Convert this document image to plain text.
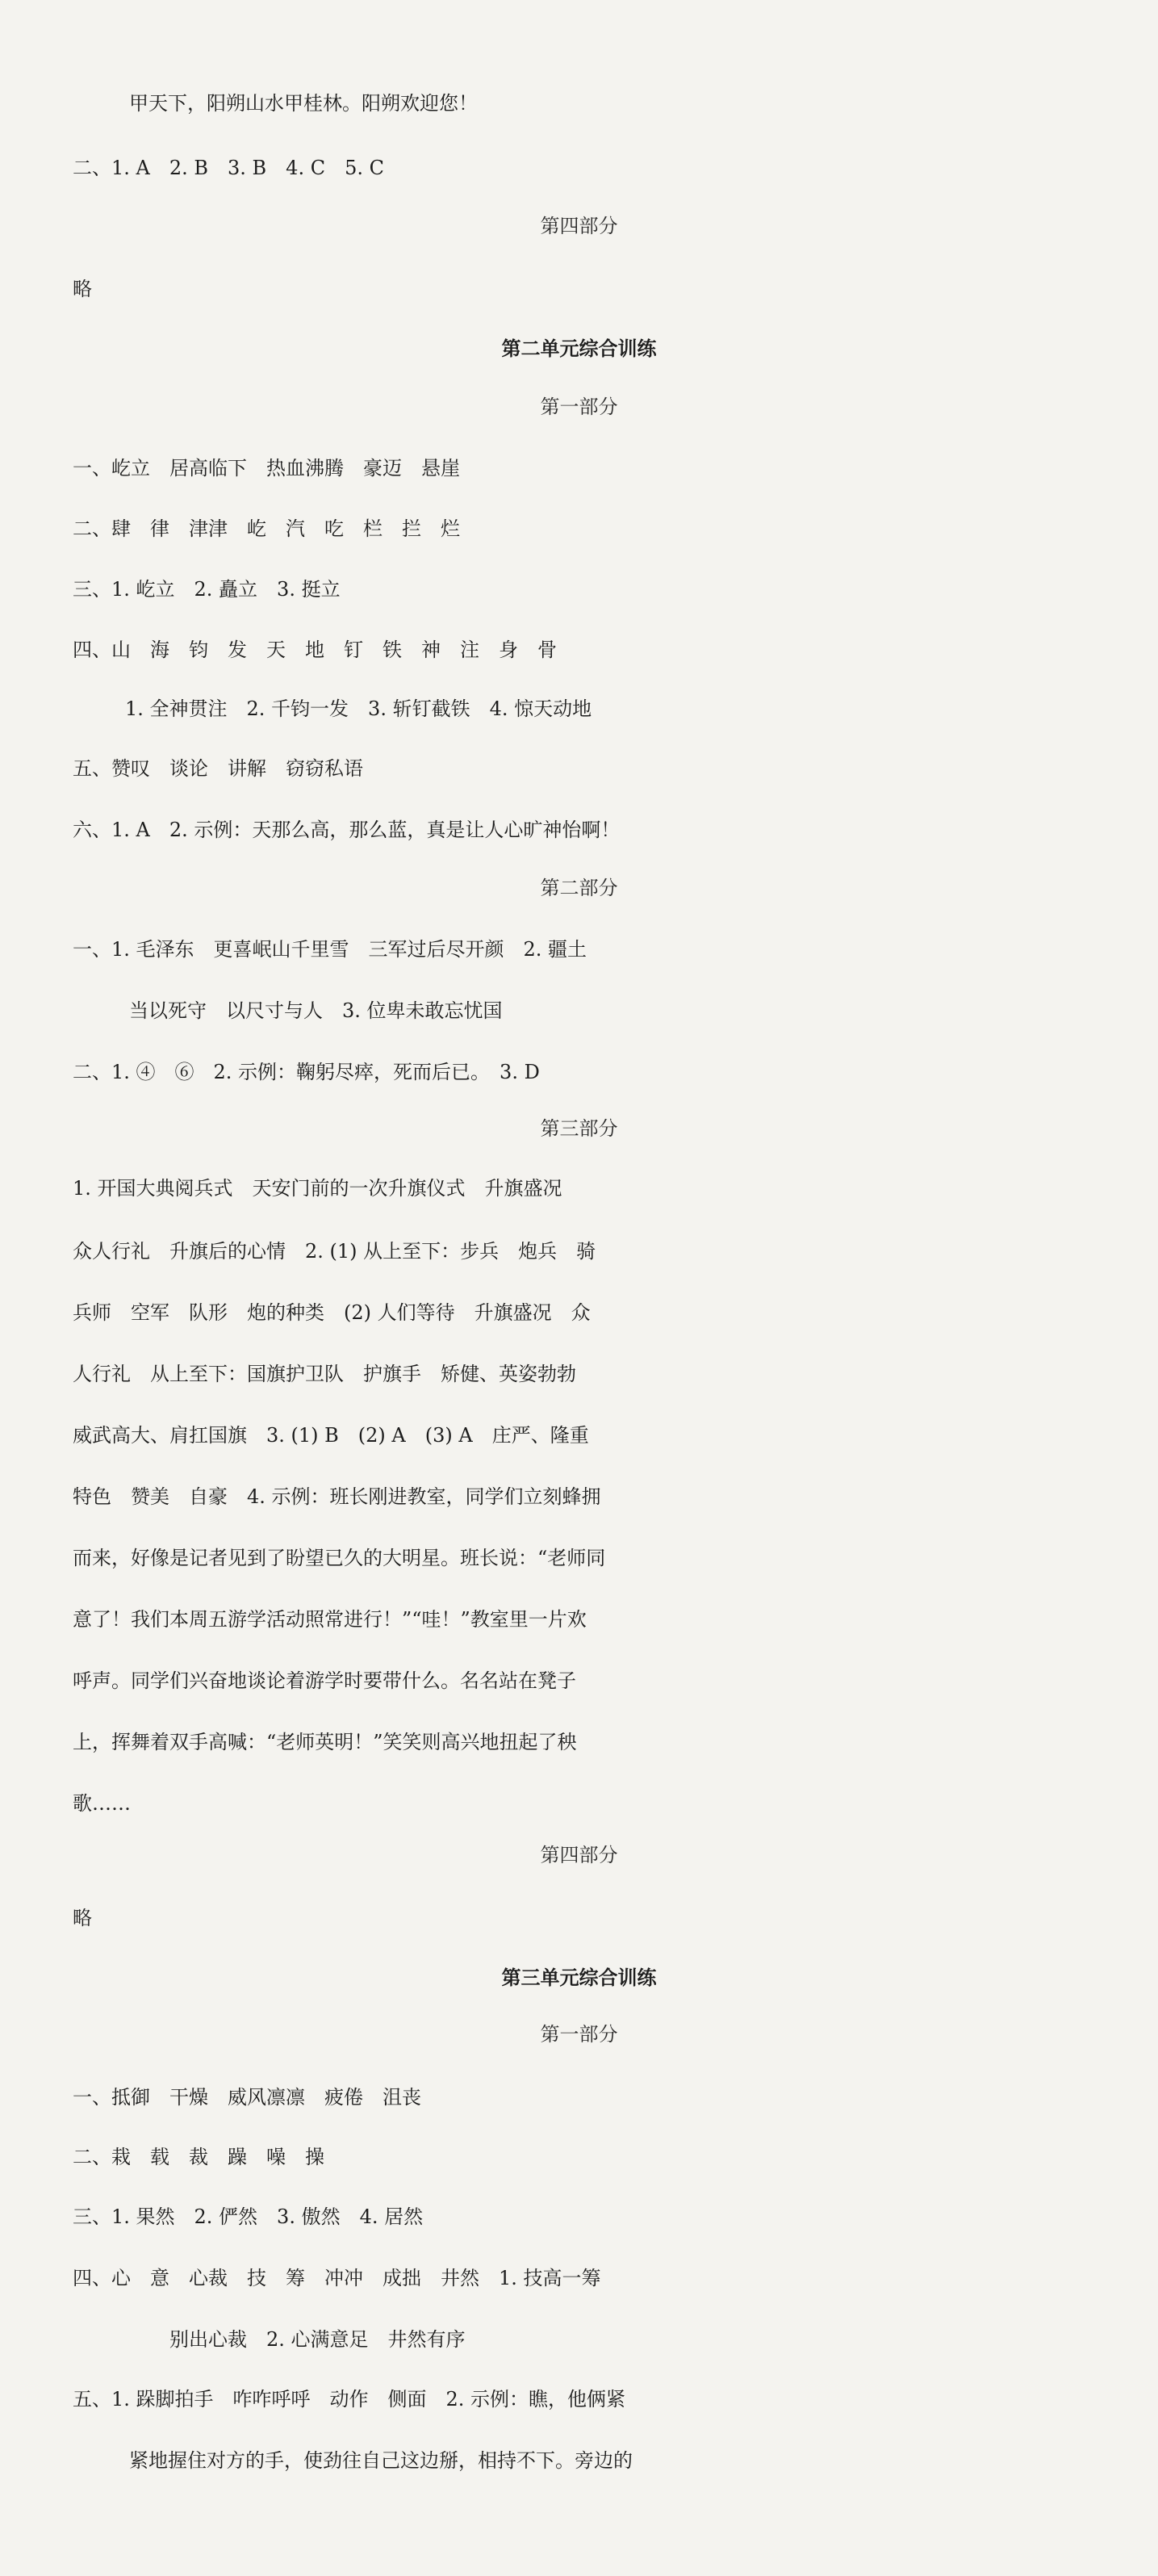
甲天下，阳朔山水甲桂林。阳朔欢迎您！
二、1. A　2. B　3. B　4. C　5. C
第四部分
略
第二单元综合训练
第一部分
一、屹立　居高临下　热血沸腾　豪迈　悬崖
二、肆　律　津津　屹　汽　吃　栏　拦　烂
三、1. 屹立　2. 矗立　3. 挺立
四、山　海　钧　发　天　地　钉　铁　神　注　身　骨
1. 全神贯注　2. 千钧一发　3. 斩钉截铁　4. 惊天动地
五、赞叹　谈论　讲解　窃窃私语
六、1. A　2. 示例：天那么高，那么蓝，真是让人心旷神怡啊！
第二部分
一、1. 毛泽东　更喜岷山千里雪　三军过后尽开颜　2. 疆土
当以死守　以尺寸与人　3. 位卑未敢忘忧国
二、1. ④　⑥　2. 示例：鞠躬尽瘁，死而后已。　3. D
第三部分
1. 开国大典阅兵式　天安门前的一次升旗仪式　升旗盛况
众人行礼　升旗后的心情　2. (1) 从上至下：步兵　炮兵　骑
兵师　空军　队形　炮的种类　(2) 人们等待　升旗盛况　众
人行礼　从上至下：国旗护卫队　护旗手　矫健、英姿勃勃
威武高大、肩扛国旗　3. (1) B　(2) A　(3) A　庄严、隆重
特色　赞美　自豪　4. 示例：班长刚进教室，同学们立刻蜂拥
而来，好像是记者见到了盼望已久的大明星。班长说：“老师同
意了！我们本周五游学活动照常进行！”“哇！”教室里一片欢
呼声。同学们兴奋地谈论着游学时要带什么。名名站在凳子
上，挥舞着双手高喊：“老师英明！”笑笑则高兴地扭起了秧
歌……
第四部分
略
第三单元综合训练
第一部分
一、抵御　干燥　威风凛凛　疲倦　沮丧
二、栽　载　裁　躁　噪　操
三、1. 果然　2. 俨然　3. 傲然　4. 居然
四、心　意　心裁　技　筹　冲冲　成拙　井然　1. 技高一筹
别出心裁　2. 心满意足　井然有序
五、1. 跺脚拍手　咋咋呼呼　动作　侧面　2. 示例：瞧，他俩紧
紧地握住对方的手，使劲往自己这边掰，相持不下。旁边的
